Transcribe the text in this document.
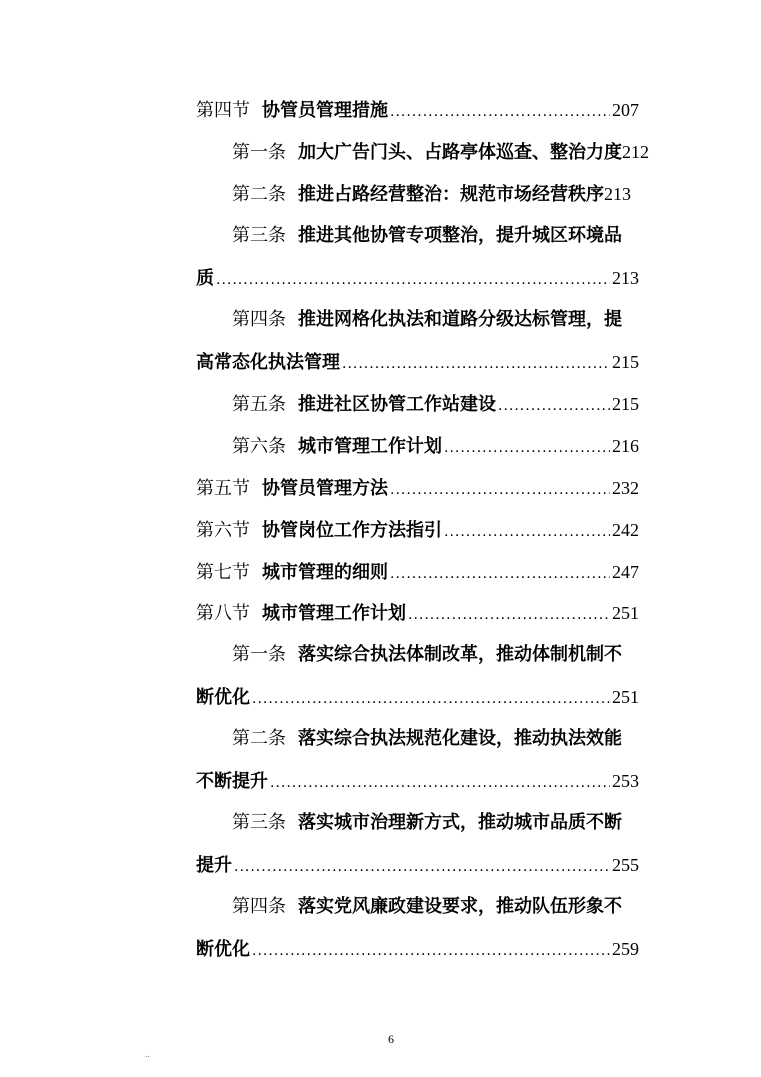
第四节 协管员管理措施 .....	207
第一条 加大广告门头、占路亭体巡查、整治力度 212
第二条 推进占路经营整治：规范市场经营秩序 213
第三条 推进其他协管专项整治，提升城区环境品
质 .....	213
第四条 推进网格化执法和道路分级达标管理，提
高常态化执法管理 .....	215
第五条 推进社区协管工作站建设 .....	215
第六条 城市管理工作计划 .....	216
第五节 协管员管理方法 .....	232
第六节 协管岗位工作方法指引 .....	242
第七节 城市管理的细则 .....	247
第八节 城市管理工作计划 .....	251
第一条 落实综合执法体制改革，推动体制机制不
断优化 .....	251
第二条 落实综合执法规范化建设，推动执法效能
不断提升 .....	253
第三条 落实城市治理新方式，推动城市品质不断
提升 .....	255
第四条 落实党风廉政建设要求，推动队伍形象不
断优化 .....	259
6
..
